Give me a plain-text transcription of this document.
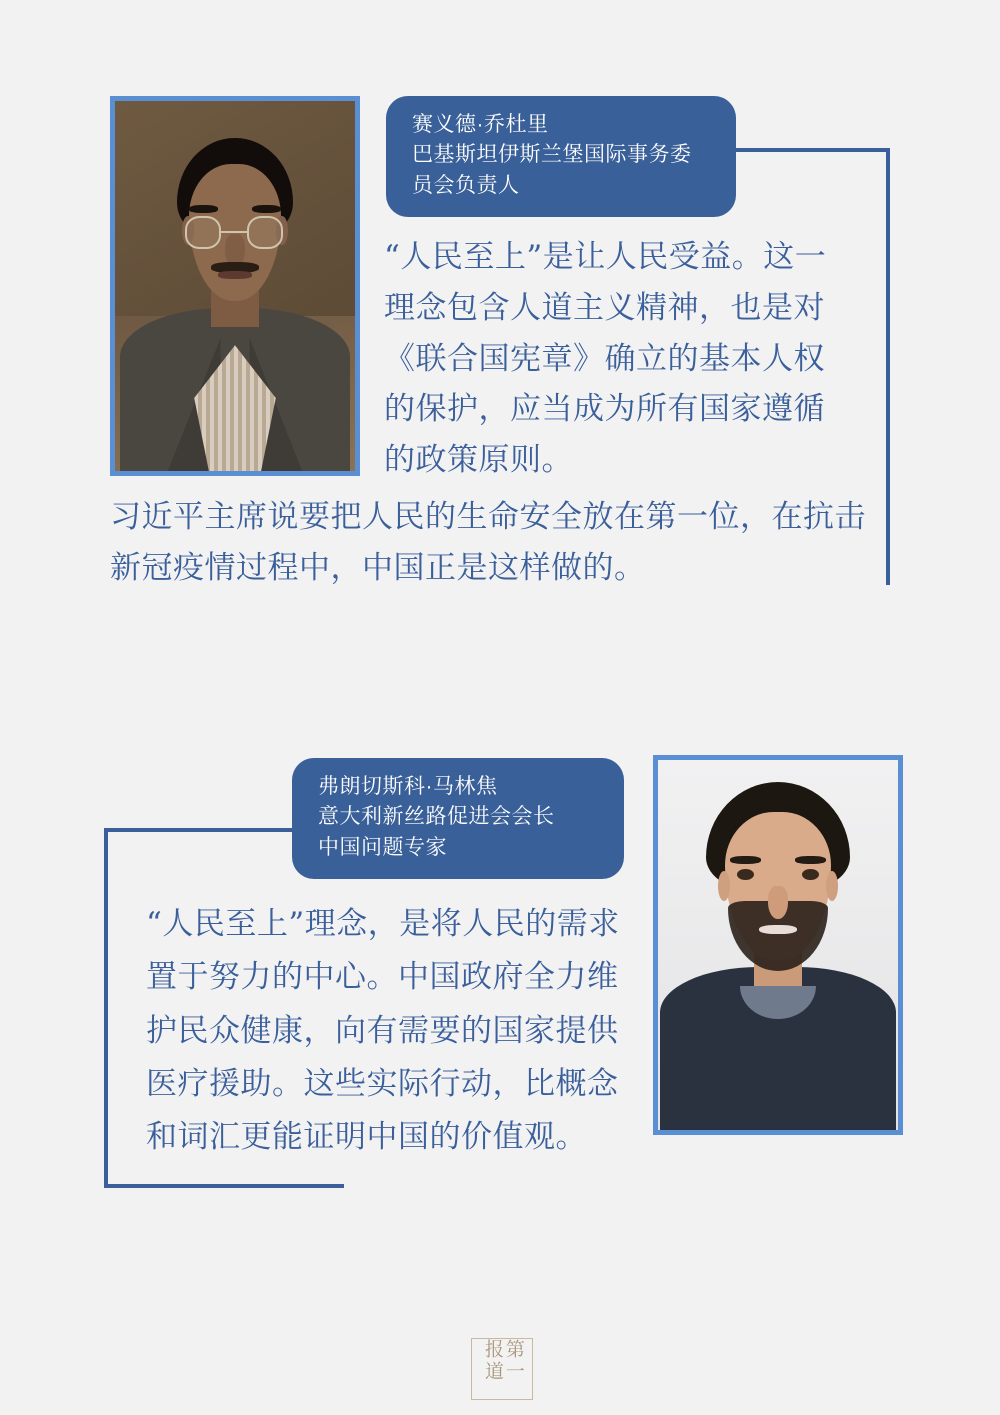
赛义德·乔杜里
巴基斯坦伊斯兰堡国际事务委
员会负责人
“人民至上”是让人民受益。这一理念包含人道主义精神，也是对《联合国宪章》确立的基本人权的保护，应当成为所有国家遵循的政策原则。
习近平主席说要把人民的生命安全放在第一位，在抗击新冠疫情过程中，中国正是这样做的。
弗朗切斯科·马林焦
意大利新丝路促进会会长
中国问题专家
“人民至上”理念，是将人民的需求置于努力的中心。中国政府全力维护民众健康，向有需要的国家提供医疗援助。这些实际行动，比概念和词汇更能证明中国的价值观。
第一报道
